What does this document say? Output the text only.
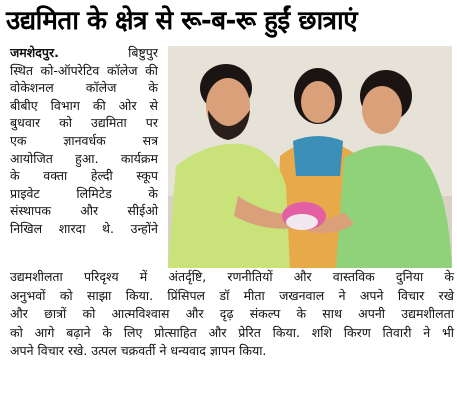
उद्यमिता के क्षेत्र से रू-ब-रू हुईं छात्राएं

जमशेदपुर.	बिष्टुपुर

स्थित को-ऑपरेटिव कॉलेज की

वोकेशनल कॉलेज के

बीबीए विभाग की ओर से

बुधवार को उद्यमिता पर

एक ज्ञानवर्धक सत्र

आयोजित हुआ. कार्यक्रम

के वक्ता हेल्दी स्कूप

प्राइवेट लिमिटेड के

संस्थापक और सीईओ

निखिल शारदा थे. उन्होंने

उद्यमशीलता परिदृश्य में अंतर्दृष्टि, रणनीतियों और वास्तविक दुनिया के

अनुभवों को साझा किया. प्रिंसिपल डॉ मीता जखनवाल ने अपने विचार रखे

और छात्रों को आत्मविश्वास और दृढ़ संकल्प के साथ अपनी उद्यमशीलता

को आगे बढ़ाने के लिए प्रोत्साहित और प्रेरित किया. शशि किरण तिवारी ने भी

अपने विचार रखे. उत्पल चक्रवर्ती ने धन्यवाद ज्ञापन किया.
